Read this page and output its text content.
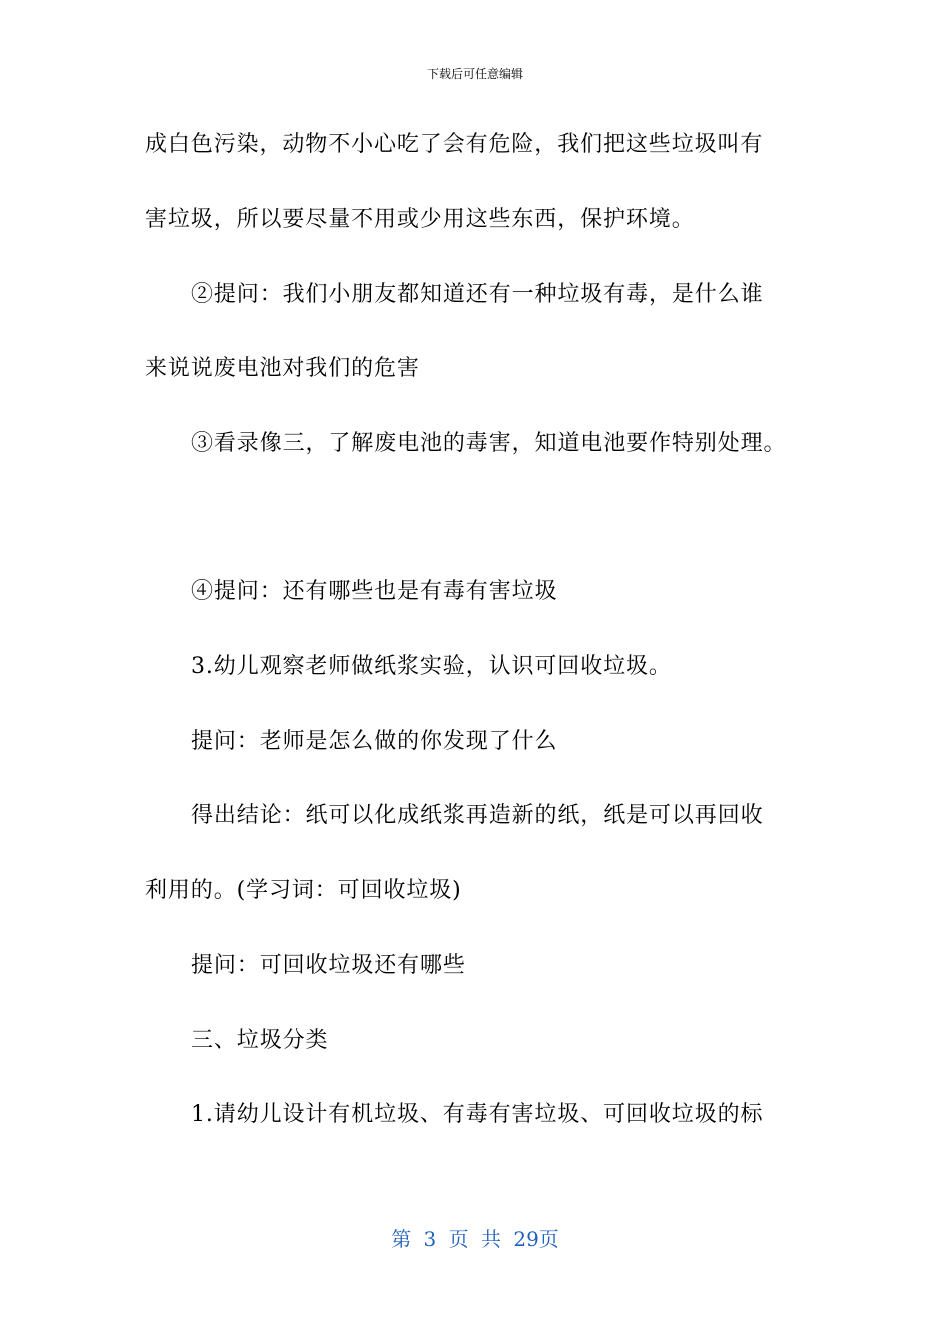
下载后可任意编辑
成白色污染，动物不小心吃了会有危险，我们把这些垃圾叫有
害垃圾，所以要尽量不用或少用这些东西，保护环境。
②提问：我们小朋友都知道还有一种垃圾有毒，是什么谁
来说说废电池对我们的危害
③看录像三，了解废电池的毒害，知道电池要作特别处理。
④提问：还有哪些也是有毒有害垃圾
3.幼儿观察老师做纸浆实验，认识可回收垃圾。
提问：老师是怎么做的你发现了什么
得出结论：纸可以化成纸浆再造新的纸，纸是可以再回收
利用的。(学习词：可回收垃圾)
提问：可回收垃圾还有哪些
三、垃圾分类
1.请幼儿设计有机垃圾、有毒有害垃圾、可回收垃圾的标
第 3 页 共 29页
